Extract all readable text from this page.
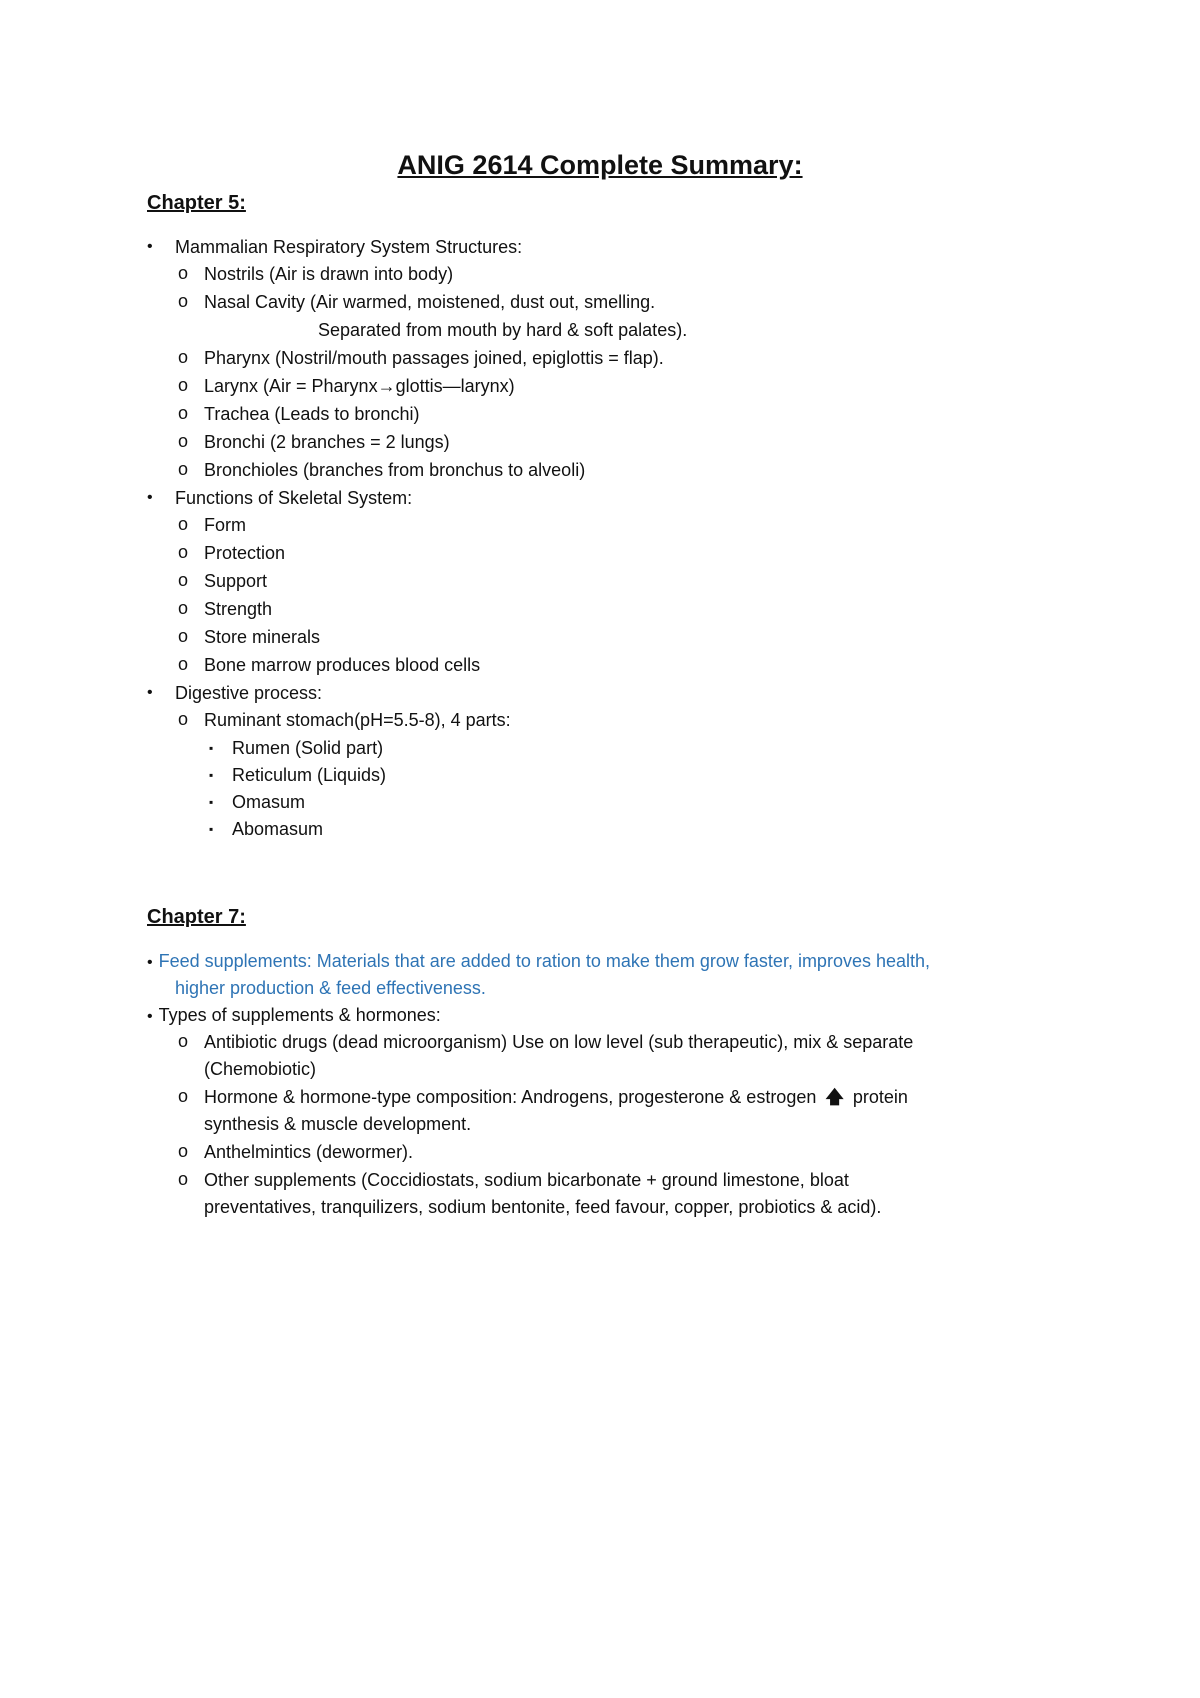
ANIG 2614 Complete Summary:
Chapter 5:
• Mammalian Respiratory System Structures:
o Nostrils (Air is drawn into body)
o Nasal Cavity (Air warmed, moistened, dust out, smelling.
Separated from mouth by hard & soft palates).
o Pharynx (Nostril/mouth passages joined, epiglottis = flap).
o Larynx (Air = Pharynx→glottis—larynx)
o Trachea (Leads to bronchi)
o Bronchi (2 branches = 2 lungs)
o Bronchioles (branches from bronchus to alveoli)
• Functions of Skeletal System:
o Form
o Protection
o Support
o Strength
o Store minerals
o Bone marrow produces blood cells
• Digestive process:
o Ruminant stomach(pH=5.5-8), 4 parts:
▪ Rumen (Solid part)
▪ Reticulum (Liquids)
▪ Omasum
▪ Abomasum
Chapter 7:
• Feed supplements: Materials that are added to ration to make them grow faster, improves health,
higher production & feed effectiveness.
• Types of supplements & hormones:
o Antibiotic drugs (dead microorganism) Use on low level (sub therapeutic), mix & separate
(Chemobiotic)
o Hormone & hormone-type composition: Androgens, progesterone & estrogen 🡅 protein
synthesis & muscle development.
o Anthelmintics (dewormer).
o Other supplements (Coccidiostats, sodium bicarbonate + ground limestone, bloat
preventatives, tranquilizers, sodium bentonite, feed favour, copper, probiotics & acid).
